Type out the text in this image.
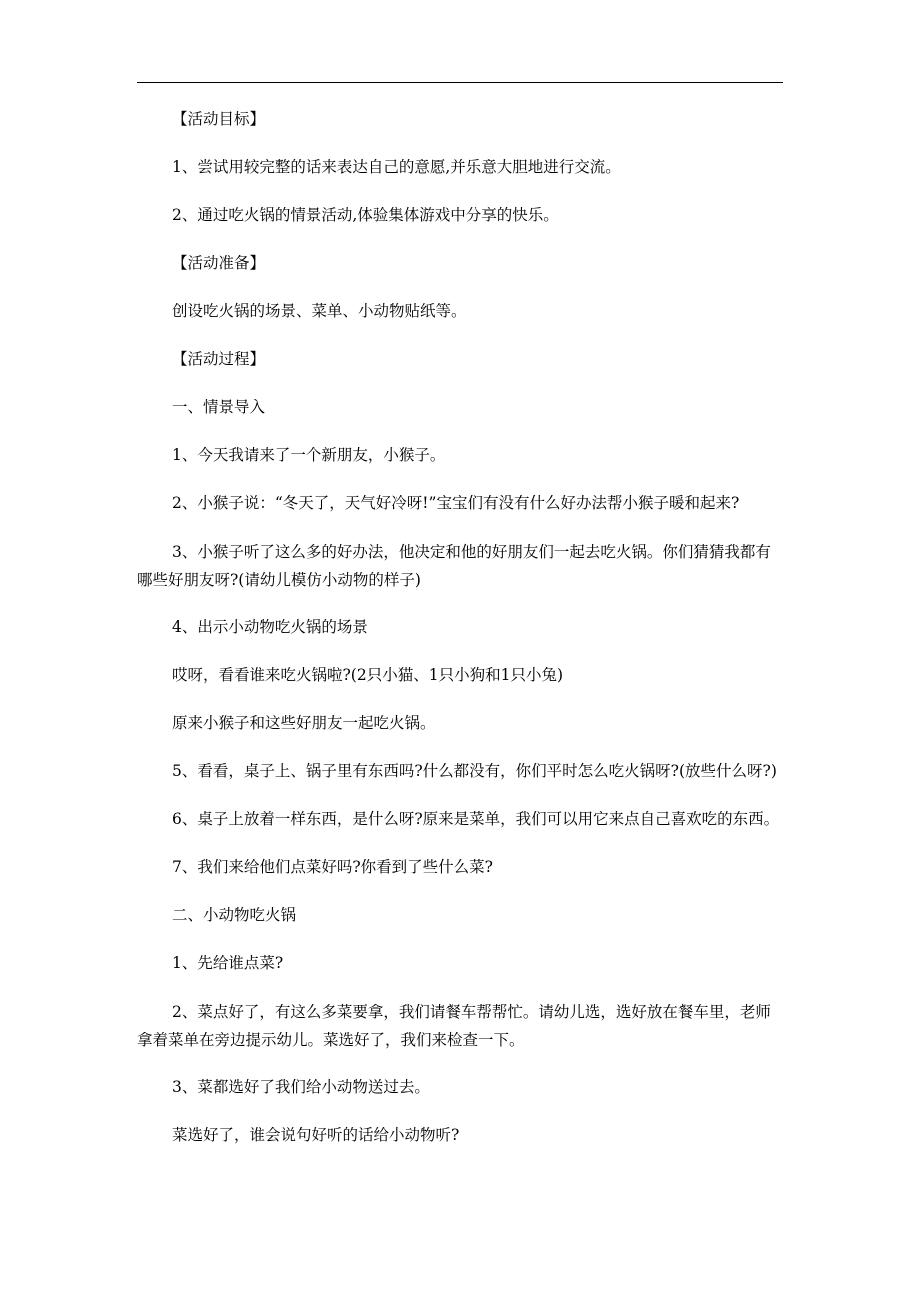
【活动目标】

1、尝试用较完整的话来表达自己的意愿,并乐意大胆地进行交流。

2、通过吃火锅的情景活动,体验集体游戏中分享的快乐。

【活动准备】

创设吃火锅的场景、菜单、小动物贴纸等。

【活动过程】

一、情景导入

1、今天我请来了一个新朋友，小猴子。

2、小猴子说：“冬天了，天气好冷呀!”宝宝们有没有什么好办法帮小猴子暖和起来?

3、小猴子听了这么多的好办法，他决定和他的好朋友们一起去吃火锅。你们猜猜我都有哪些好朋友呀?(请幼儿模仿小动物的样子)

4、出示小动物吃火锅的场景

哎呀，看看谁来吃火锅啦?(2只小猫、1只小狗和1只小兔)

原来小猴子和这些好朋友一起吃火锅。

5、看看，桌子上、锅子里有东西吗?什么都没有，你们平时怎么吃火锅呀?(放些什么呀?)

6、桌子上放着一样东西，是什么呀?原来是菜单，我们可以用它来点自己喜欢吃的东西。

7、我们来给他们点菜好吗?你看到了些什么菜?

二、小动物吃火锅

1、先给谁点菜?

2、菜点好了，有这么多菜要拿，我们请餐车帮帮忙。请幼儿选，选好放在餐车里，老师拿着菜单在旁边提示幼儿。菜选好了，我们来检查一下。

3、菜都选好了我们给小动物送过去。

菜选好了，谁会说句好听的话给小动物听?
